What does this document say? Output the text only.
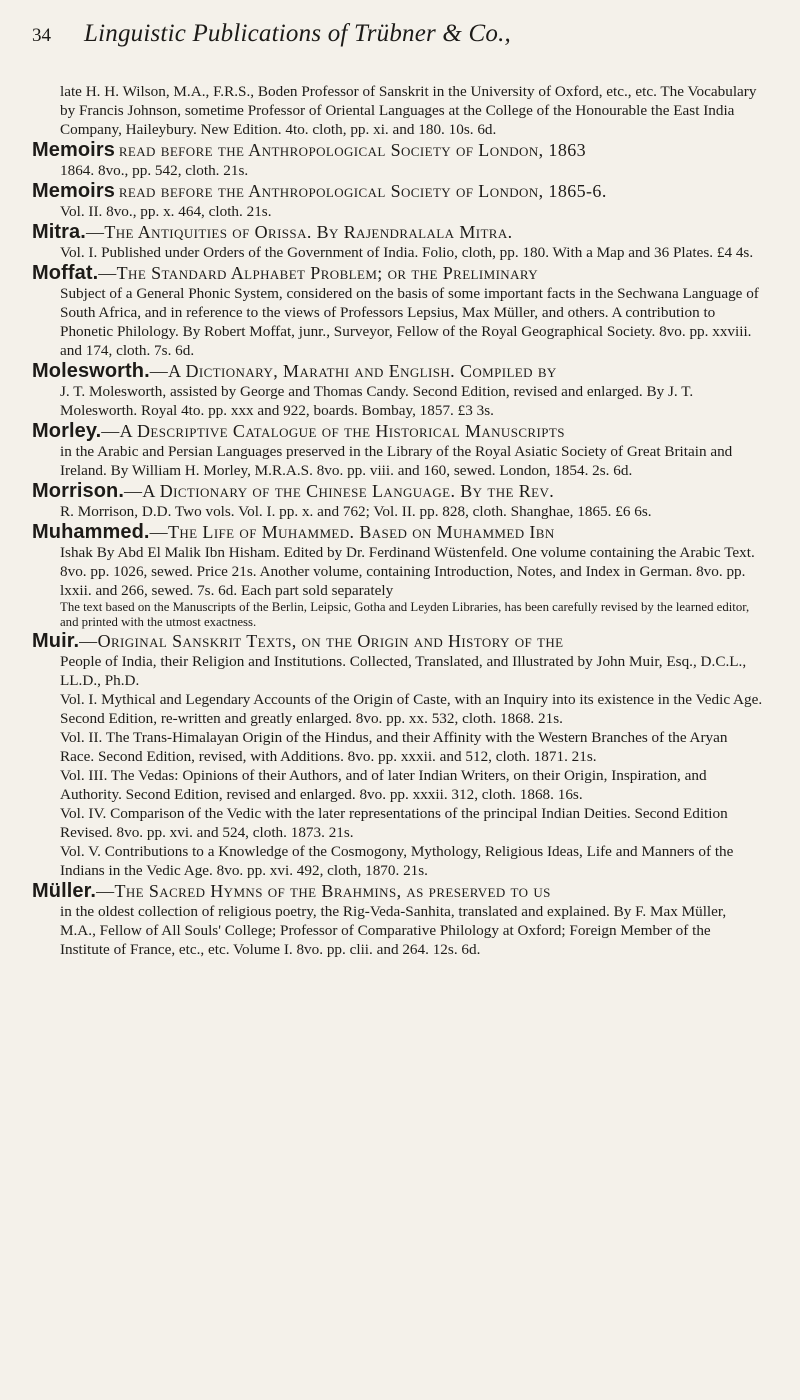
34 Linguistic Publications of Trübner & Co.,

late H. H. Wilson, M.A., F.R.S., Boden Professor of Sanskrit in the University of Oxford, etc., etc. The Vocabulary by Francis Johnson, sometime Professor of Oriental Languages at the College of the Honourable the East India Company, Haileybury. New Edition. 4to. cloth, pp. xi. and 180. 10s. 6d.

Memoirs read before the Anthropological Society of London, 1863

1864. 8vo., pp. 542, cloth. 21s.

Memoirs read before the Anthropological Society of London, 1865-6.

Vol. II. 8vo., pp. x. 464, cloth. 21s.

Mitra.—The Antiquities of Orissa. By Rajendralala Mitra.

Vol. I. Published under Orders of the Government of India. Folio, cloth, pp. 180. With a Map and 36 Plates. £4 4s.

Moffat.—The Standard Alphabet Problem; or the Preliminary

Subject of a General Phonic System, considered on the basis of some important facts in the Sechwana Language of South Africa, and in reference to the views of Professors Lepsius, Max Müller, and others. A contribution to Phonetic Philology. By Robert Moffat, junr., Surveyor, Fellow of the Royal Geographical Society. 8vo. pp. xxviii. and 174, cloth. 7s. 6d.

Molesworth.—A Dictionary, Marathi and English. Compiled by

J. T. Molesworth, assisted by George and Thomas Candy. Second Edition, revised and enlarged. By J. T. Molesworth. Royal 4to. pp. xxx and 922, boards. Bombay, 1857. £3 3s.

Morley.—A Descriptive Catalogue of the Historical Manuscripts

in the Arabic and Persian Languages preserved in the Library of the Royal Asiatic Society of Great Britain and Ireland. By William H. Morley, M.R.A.S. 8vo. pp. viii. and 160, sewed. London, 1854. 2s. 6d.

Morrison.—A Dictionary of the Chinese Language. By the Rev.

R. Morrison, D.D. Two vols. Vol. I. pp. x. and 762; Vol. II. pp. 828, cloth. Shanghae, 1865. £6 6s.

Muhammed.—The Life of Muhammed. Based on Muhammed Ibn

Ishak By Abd El Malik Ibn Hisham. Edited by Dr. Ferdinand Wüstenfeld. One volume containing the Arabic Text. 8vo. pp. 1026, sewed. Price 21s. Another volume, containing Introduction, Notes, and Index in German. 8vo. pp. lxxii. and 266, sewed. 7s. 6d. Each part sold separately

The text based on the Manuscripts of the Berlin, Leipsic, Gotha and Leyden Libraries, has been carefully revised by the learned editor, and printed with the utmost exactness.

Muir.—Original Sanskrit Texts, on the Origin and History of the

People of India, their Religion and Institutions. Collected, Translated, and Illustrated by John Muir, Esq., D.C.L., LL.D., Ph.D.

Vol. I. Mythical and Legendary Accounts of the Origin of Caste, with an Inquiry into its existence in the Vedic Age. Second Edition, re-written and greatly enlarged. 8vo. pp. xx. 532, cloth. 1868. 21s.

Vol. II. The Trans-Himalayan Origin of the Hindus, and their Affinity with the Western Branches of the Aryan Race. Second Edition, revised, with Additions. 8vo. pp. xxxii. and 512, cloth. 1871. 21s.

Vol. III. The Vedas: Opinions of their Authors, and of later Indian Writers, on their Origin, Inspiration, and Authority. Second Edition, revised and enlarged. 8vo. pp. xxxii. 312, cloth. 1868. 16s.

Vol. IV. Comparison of the Vedic with the later representations of the principal Indian Deities. Second Edition Revised. 8vo. pp. xvi. and 524, cloth. 1873. 21s.

Vol. V. Contributions to a Knowledge of the Cosmogony, Mythology, Religious Ideas, Life and Manners of the Indians in the Vedic Age. 8vo. pp. xvi. 492, cloth, 1870. 21s.

Müller.—The Sacred Hymns of the Brahmins, as preserved to us

in the oldest collection of religious poetry, the Rig-Veda-Sanhita, translated and explained. By F. Max Müller, M.A., Fellow of All Souls' College; Professor of Comparative Philology at Oxford; Foreign Member of the Institute of France, etc., etc. Volume I. 8vo. pp. clii. and 264. 12s. 6d.
